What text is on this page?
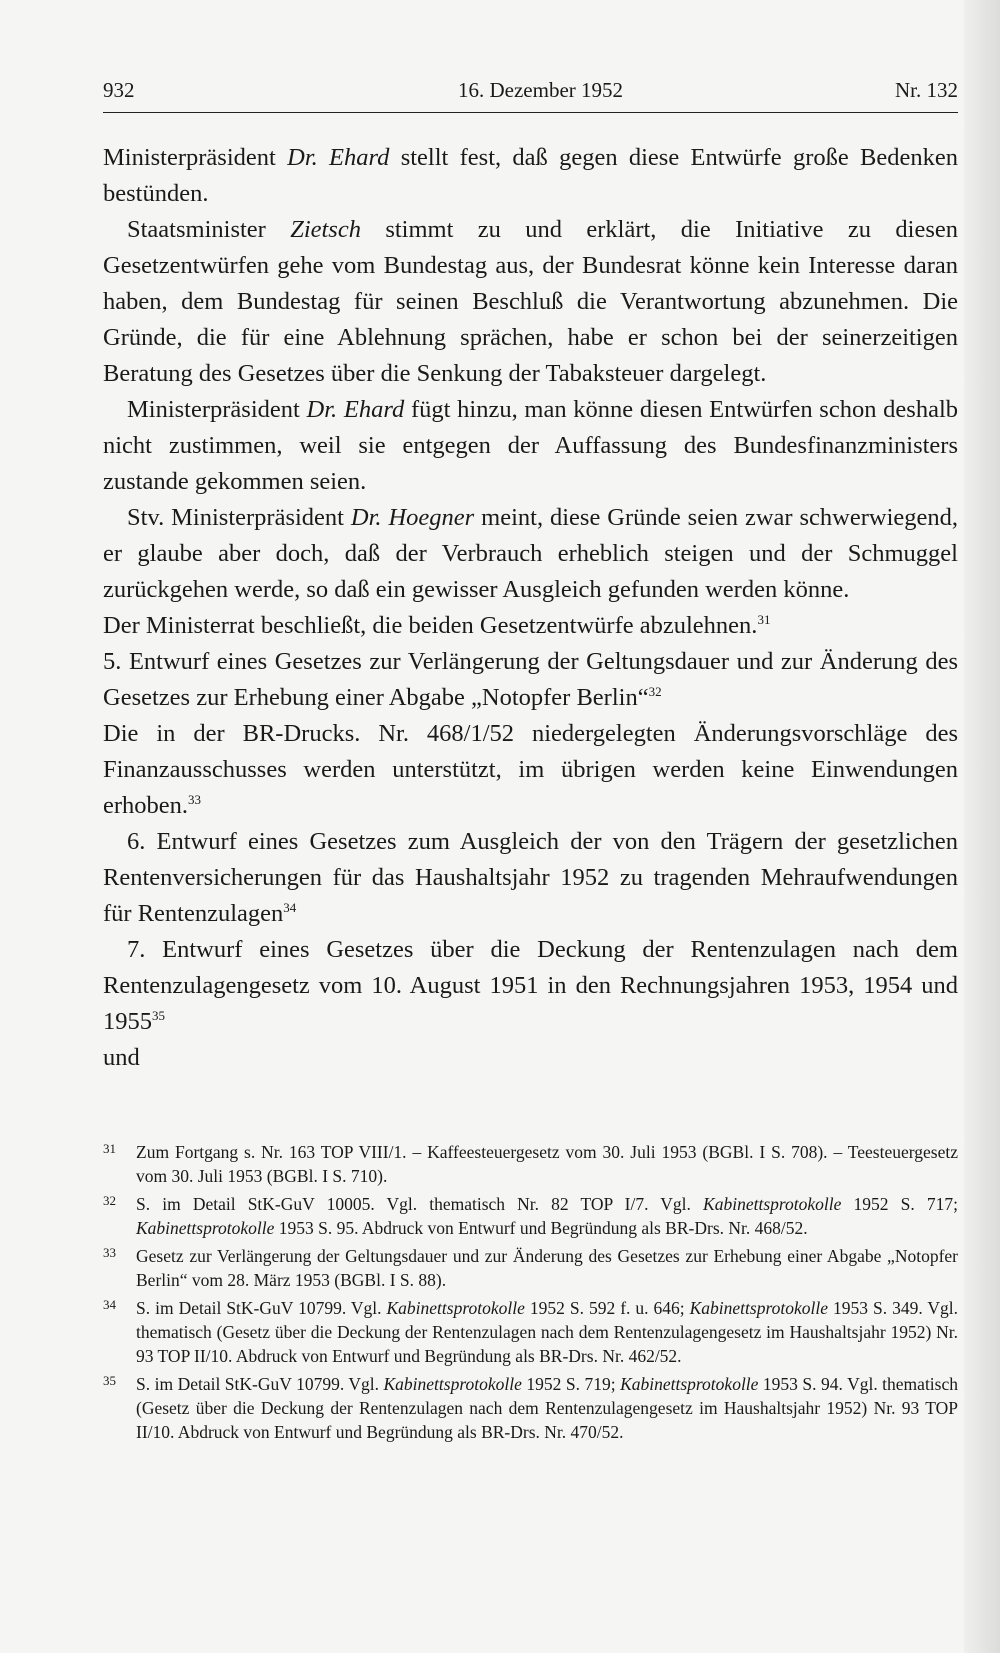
932	16. Dezember 1952	Nr. 132

Ministerpräsident Dr. Ehard stellt fest, daß gegen diese Entwürfe große Bedenken bestünden.

Staatsminister Zietsch stimmt zu und erklärt, die Initiative zu diesen Gesetzentwürfen gehe vom Bundestag aus, der Bundesrat könne kein Interesse daran haben, dem Bundestag für seinen Beschluß die Verantwortung abzunehmen. Die Gründe, die für eine Ablehnung sprächen, habe er schon bei der seinerzeitigen Beratung des Gesetzes über die Senkung der Tabaksteuer dargelegt.

Ministerpräsident Dr. Ehard fügt hinzu, man könne diesen Entwürfen schon deshalb nicht zustimmen, weil sie entgegen der Auffassung des Bundesfinanzministers zustande gekommen seien.

Stv. Ministerpräsident Dr. Hoegner meint, diese Gründe seien zwar schwerwiegend, er glaube aber doch, daß der Verbrauch erheblich steigen und der Schmuggel zurückgehen werde, so daß ein gewisser Ausgleich gefunden werden könne.

Der Ministerrat beschließt, die beiden Gesetzentwürfe abzulehnen.$^{31}$

5. Entwurf eines Gesetzes zur Verlängerung der Geltungsdauer und zur Änderung des Gesetzes zur Erhebung einer Abgabe „Notopfer Berlin“$^{32}$

Die in der BR-Drucks. Nr. 468/1/52 niedergelegten Änderungsvorschläge des Finanzausschusses werden unterstützt, im übrigen werden keine Einwendungen erhoben.$^{33}$

6. Entwurf eines Gesetzes zum Ausgleich der von den Trägern der gesetzlichen Rentenversicherungen für das Haushaltsjahr 1952 zu tragenden Mehraufwendungen für Rentenzulagen$^{34}$

7. Entwurf eines Gesetzes über die Deckung der Rentenzulagen nach dem Rentenzulagengesetz vom 10. August 1951 in den Rechnungsjahren 1953, 1954 und 1955$^{35}$

und

31 Zum Fortgang s. Nr. 163 TOP VIII/1. – Kaffeesteuergesetz vom 30. Juli 1953 (BGBl. I S. 708). – Teesteuergesetz vom 30. Juli 1953 (BGBl. I S. 710).
32 S. im Detail StK-GuV 10005. Vgl. thematisch Nr. 82 TOP I/7. Vgl. Kabinettsprotokolle 1952 S. 717; Kabinettsprotokolle 1953 S. 95. Abdruck von Entwurf und Begründung als BR-Drs. Nr. 468/52.
33 Gesetz zur Verlängerung der Geltungsdauer und zur Änderung des Gesetzes zur Erhebung einer Abgabe „Notopfer Berlin“ vom 28. März 1953 (BGBl. I S. 88).
34 S. im Detail StK-GuV 10799. Vgl. Kabinettsprotokolle 1952 S. 592 f. u. 646; Kabinettsprotokolle 1953 S. 349. Vgl. thematisch (Gesetz über die Deckung der Rentenzulagen nach dem Rentenzulagengesetz im Haushaltsjahr 1952) Nr. 93 TOP II/10. Abdruck von Entwurf und Begründung als BR-Drs. Nr. 462/52.
35 S. im Detail StK-GuV 10799. Vgl. Kabinettsprotokolle 1952 S. 719; Kabinettsprotokolle 1953 S. 94. Vgl. thematisch (Gesetz über die Deckung der Rentenzulagen nach dem Rentenzulagengesetz im Haushaltsjahr 1952) Nr. 93 TOP II/10. Abdruck von Entwurf und Begründung als BR-Drs. Nr. 470/52.
